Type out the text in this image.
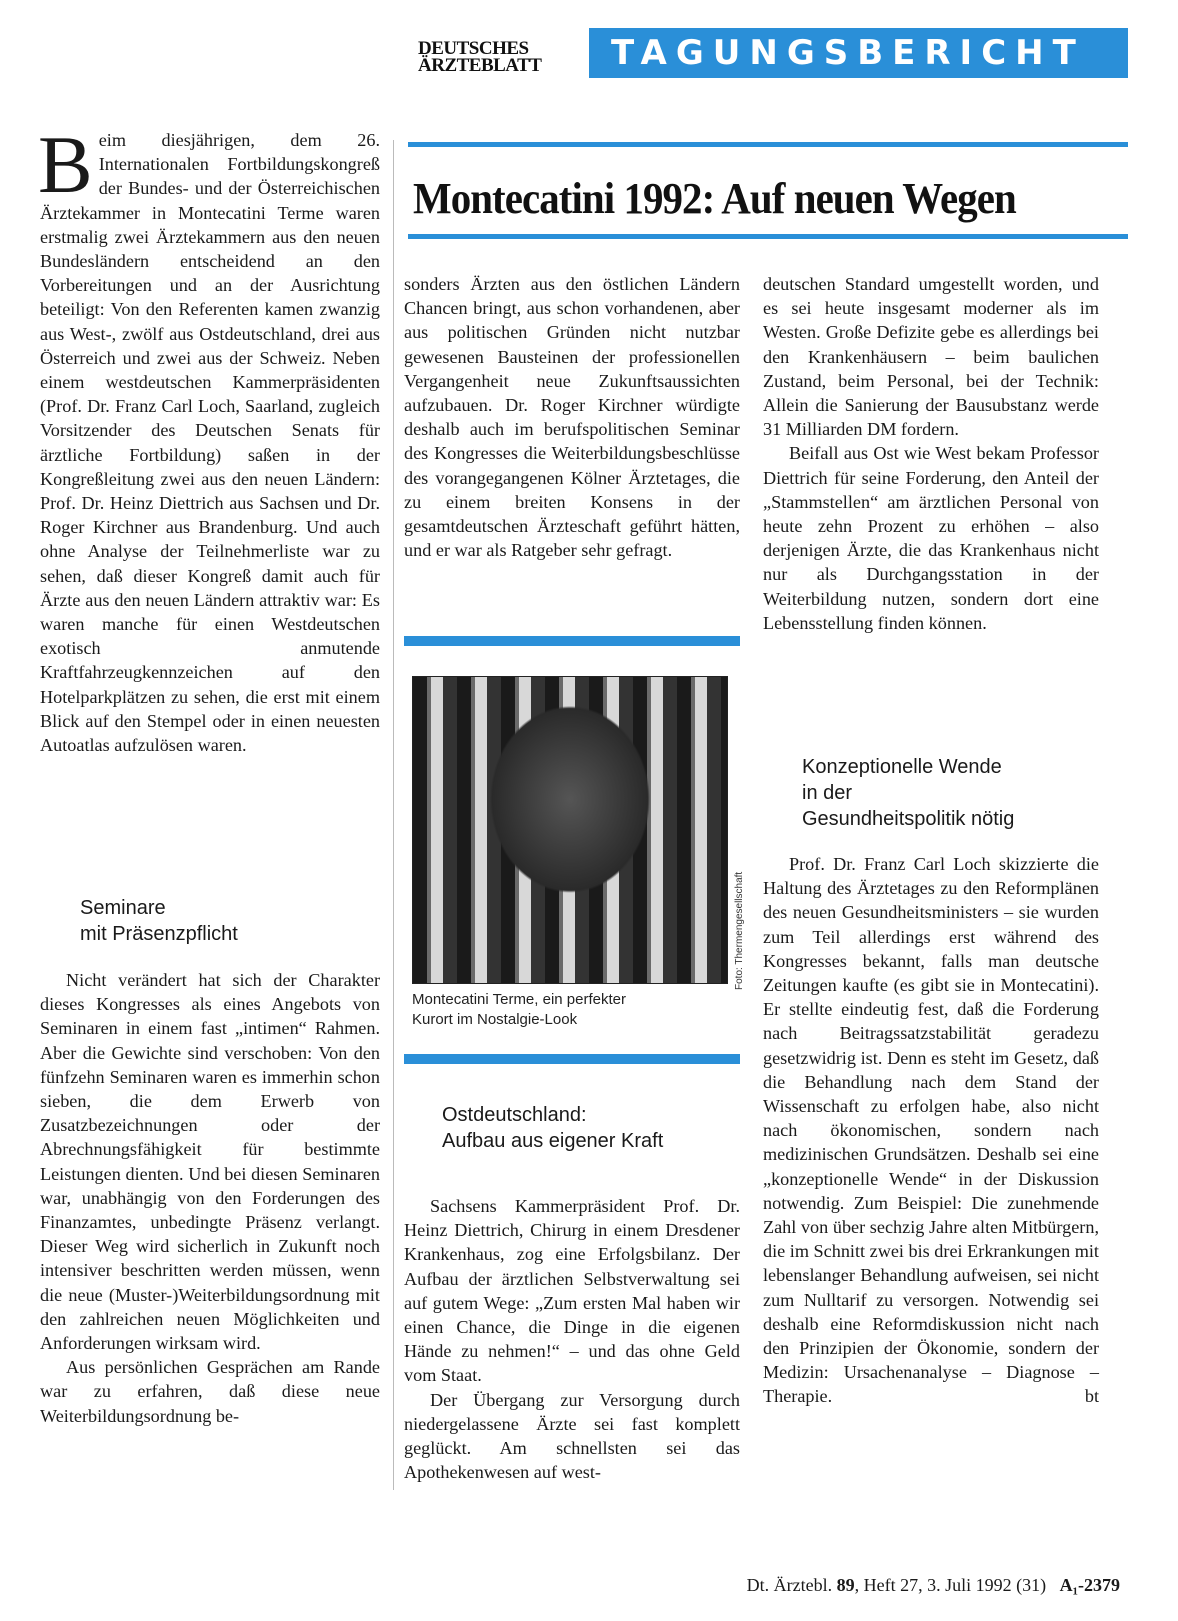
DEUTSCHES
ÄRZTEBLATT	TAGUNGSBERICHT
Montecatini 1992: Auf neuen Wegen

Beim diesjährigen, dem 26. Internationalen Fortbildungskongreß der Bundes- und der Österreichischen Ärztekammer in Montecatini Terme waren erstmalig zwei Ärztekammern aus den neuen Bundesländern entscheidend an den Vorbereitungen und an der Ausrichtung beteiligt: Von den Referenten kamen zwanzig aus West-, zwölf aus Ostdeutschland, drei aus Österreich und zwei aus der Schweiz. Neben einem westdeutschen Kammerpräsidenten (Prof. Dr. Franz Carl Loch, Saarland, zugleich Vorsitzender des Deutschen Senats für ärztliche Fortbildung) saßen in der Kongreßleitung zwei aus den neuen Ländern: Prof. Dr. Heinz Diettrich aus Sachsen und Dr. Roger Kirchner aus Brandenburg. Und auch ohne Analyse der Teilnehmerliste war zu sehen, daß dieser Kongreß damit auch für Ärzte aus den neuen Ländern attraktiv war: Es waren manche für einen Westdeutschen exotisch anmutende Kraftfahrzeugkennzeichen auf den Hotelparkplätzen zu sehen, die erst mit einem Blick auf den Stempel oder in einen neuesten Autoatlas aufzulösen waren.

Seminare
mit Präsenzpflicht

Nicht verändert hat sich der Charakter dieses Kongresses als eines Angebots von Seminaren in einem fast „intimen“ Rahmen. Aber die Gewichte sind verschoben: Von den fünfzehn Seminaren waren es immerhin schon sieben, die dem Erwerb von Zusatzbezeichnungen oder der Abrechnungsfähigkeit für bestimmte Leistungen dienten. Und bei diesen Seminaren war, unabhängig von den Forderungen des Finanzamtes, unbedingte Präsenz verlangt. Dieser Weg wird sicherlich in Zukunft noch intensiver beschritten werden müssen, wenn die neue (Muster-)Weiterbildungsordnung mit den zahlreichen neuen Möglichkeiten und Anforderungen wirksam wird.

Aus persönlichen Gesprächen am Rande war zu erfahren, daß diese neue Weiterbildungsordnung be-

sonders Ärzten aus den östlichen Ländern Chancen bringt, aus schon vorhandenen, aber aus politischen Gründen nicht nutzbar gewesenen Bausteinen der professionellen Vergangenheit neue Zukunftsaussichten aufzubauen. Dr. Roger Kirchner würdigte deshalb auch im berufspolitischen Seminar des Kongresses die Weiterbildungsbeschlüsse des vorangegangenen Kölner Ärztetages, die zu einem breiten Konsens in der gesamtdeutschen Ärzteschaft geführt hätten, und er war als Ratgeber sehr gefragt.

Foto: Thermengesellschaft
Montecatini Terme, ein perfekter
Kurort im Nostalgie-Look
Ostdeutschland:
Aufbau aus eigener Kraft

Sachsens Kammerpräsident Prof. Dr. Heinz Diettrich, Chirurg in einem Dresdener Krankenhaus, zog eine Erfolgsbilanz. Der Aufbau der ärztlichen Selbstverwaltung sei auf gutem Wege: „Zum ersten Mal haben wir einen Chance, die Dinge in die eigenen Hände zu nehmen!“ – und das ohne Geld vom Staat.

Der Übergang zur Versorgung durch niedergelassene Ärzte sei fast komplett geglückt. Am schnellsten sei das Apothekenwesen auf west-

deutschen Standard umgestellt worden, und es sei heute insgesamt moderner als im Westen. Große Defizite gebe es allerdings bei den Krankenhäusern – beim baulichen Zustand, beim Personal, bei der Technik: Allein die Sanierung der Bausubstanz werde 31 Milliarden DM fordern.

Beifall aus Ost wie West bekam Professor Diettrich für seine Forderung, den Anteil der „Stammstellen“ am ärztlichen Personal von heute zehn Prozent zu erhöhen – also derjenigen Ärzte, die das Krankenhaus nicht nur als Durchgangsstation in der Weiterbildung nutzen, sondern dort eine Lebensstellung finden können.

Konzeptionelle Wende
in der
Gesundheitspolitik nötig

Prof. Dr. Franz Carl Loch skizzierte die Haltung des Ärztetages zu den Reformplänen des neuen Gesundheitsministers – sie wurden zum Teil allerdings erst während des Kongresses bekannt, falls man deutsche Zeitungen kaufte (es gibt sie in Montecatini). Er stellte eindeutig fest, daß die Forderung nach Beitragssatzstabilität geradezu gesetzwidrig ist. Denn es steht im Gesetz, daß die Behandlung nach dem Stand der Wissenschaft zu erfolgen habe, also nicht nach ökonomischen, sondern nach medizinischen Grundsätzen. Deshalb sei eine „konzeptionelle Wende“ in der Diskussion notwendig. Zum Beispiel: Die zunehmende Zahl von über sechzig Jahre alten Mitbürgern, die im Schnitt zwei bis drei Erkrankungen mit lebenslanger Behandlung aufweisen, sei nicht zum Nulltarif zu versorgen. Notwendig sei deshalb eine Reformdiskussion nicht nach den Prinzipien der Ökonomie, sondern der Medizin: Ursachenanalyse – Diagnose – Therapie.	bt

Dt. Ärztebl. 89, Heft 27, 3. Juli 1992 (31) A₁-2379
